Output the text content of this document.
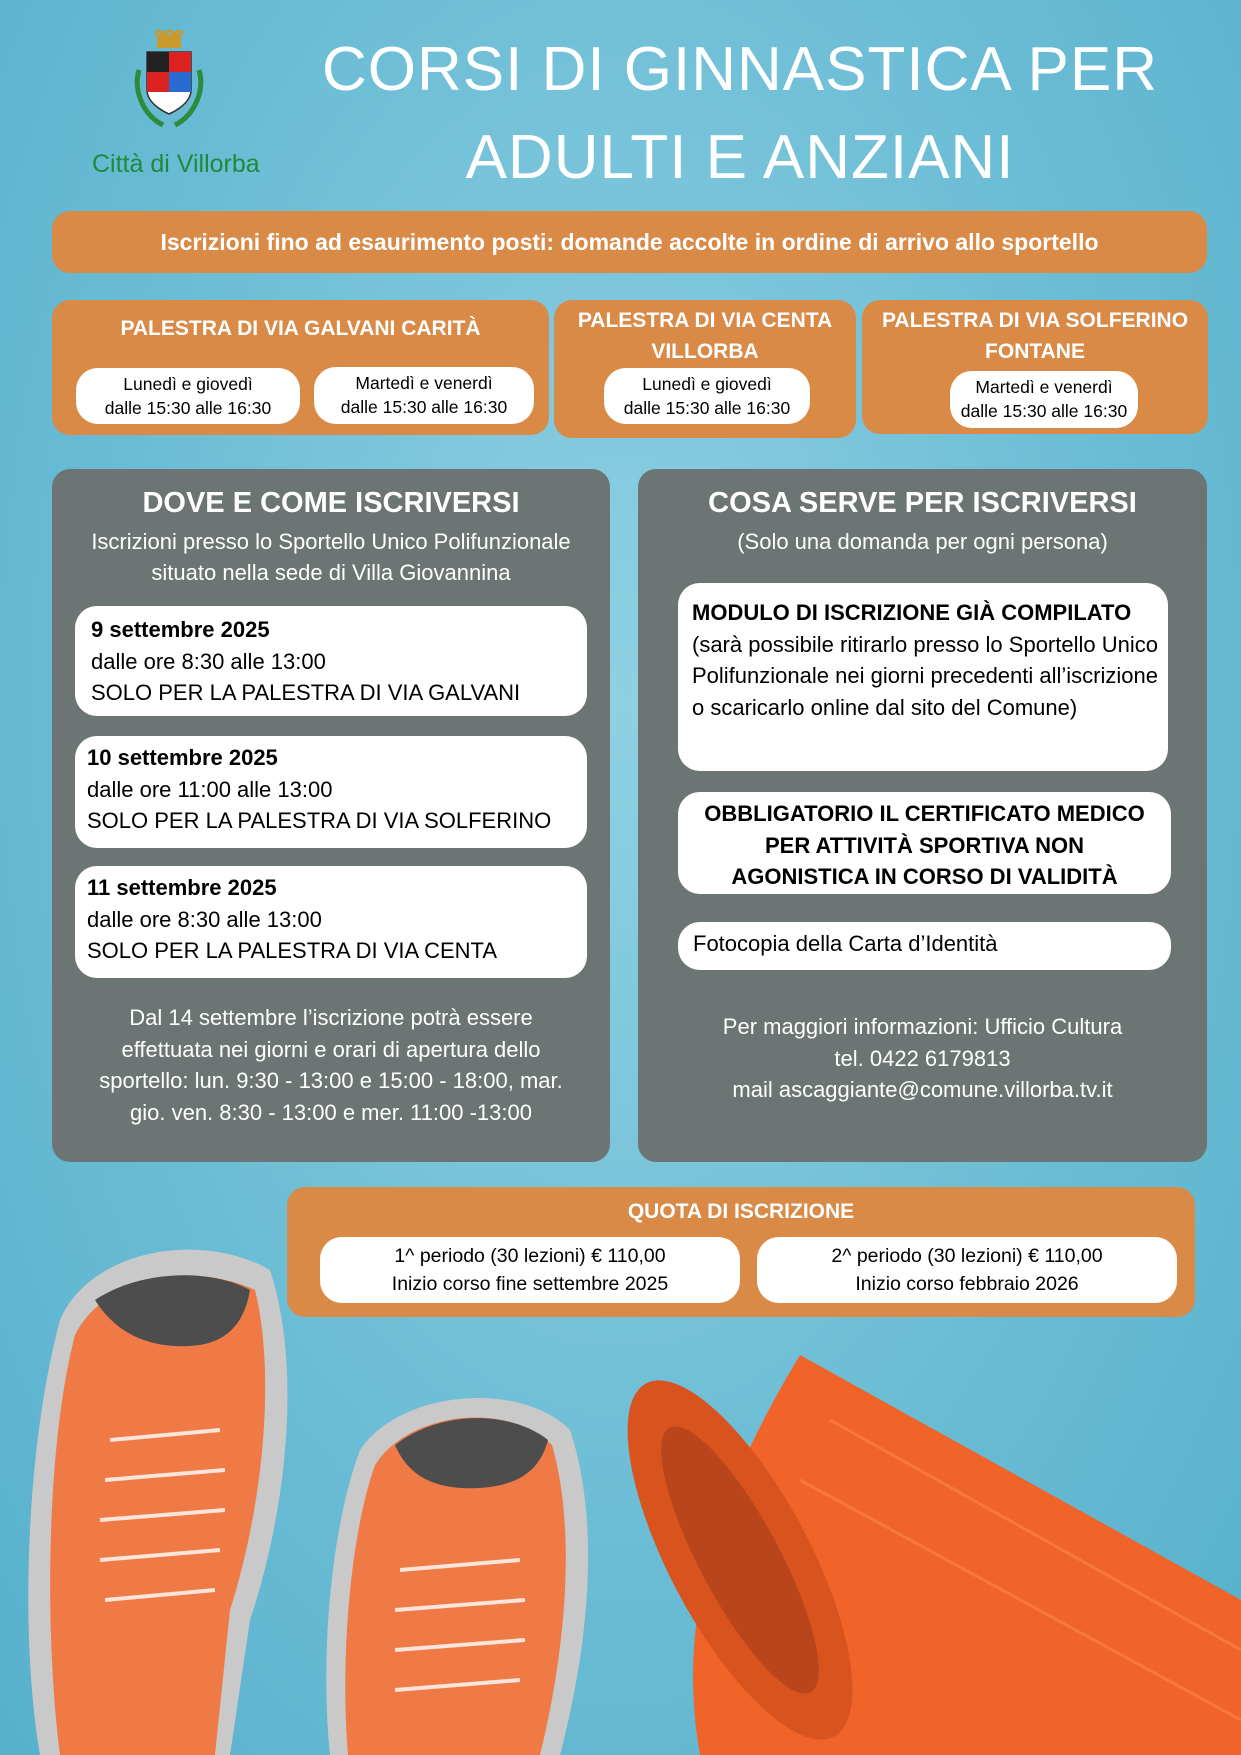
Città di Villorba
CORSI DI GINNASTICA PER
ADULTI E ANZIANI
Iscrizioni fino ad esaurimento posti: domande accolte in ordine di arrivo allo sportello
PALESTRA DI VIA GALVANI CARITÀ
Lunedì e giovedì
dalle 15:30 alle 16:30
Martedì e venerdì
dalle 15:30 alle 16:30
PALESTRA DI VIA CENTA
VILLORBA
Lunedì e giovedì
dalle 15:30 alle 16:30
PALESTRA DI VIA SOLFERINO
FONTANE
Martedì e venerdì
dalle 15:30 alle 16:30
DOVE E COME ISCRIVERSI
Iscrizioni presso lo Sportello Unico Polifunzionale
situato nella sede di Villa Giovannina
9 settembre 2025
dalle ore 8:30 alle 13:00
SOLO PER LA PALESTRA DI VIA GALVANI
10 settembre 2025
dalle ore 11:00 alle 13:00
SOLO PER LA PALESTRA DI VIA SOLFERINO
11 settembre 2025
dalle ore 8:30 alle 13:00
SOLO PER LA PALESTRA DI VIA CENTA
Dal 14 settembre l’iscrizione potrà essere
effettuata nei giorni e orari di apertura dello
sportello: lun. 9:30 - 13:00 e 15:00 - 18:00, mar.
gio. ven. 8:30 - 13:00 e mer. 11:00 -13:00
COSA SERVE PER ISCRIVERSI
(Solo una domanda per ogni persona)
MODULO DI ISCRIZIONE GIÀ COMPILATO
(sarà possibile ritirarlo presso lo Sportello Unico Polifunzionale nei giorni precedenti all’iscrizione o scaricarlo online dal sito del Comune)
OBBLIGATORIO IL CERTIFICATO MEDICO
PER ATTIVITÀ SPORTIVA NON
AGONISTICA IN CORSO DI VALIDITÀ
Fotocopia della Carta d’Identità
Per maggiori informazioni: Ufficio Cultura
tel. 0422 6179813
mail ascaggiante@comune.villorba.tv.it
QUOTA DI ISCRIZIONE
1^ periodo (30 lezioni) € 110,00
Inizio corso fine settembre 2025
2^ periodo (30 lezioni) € 110,00
Inizio corso febbraio 2026
